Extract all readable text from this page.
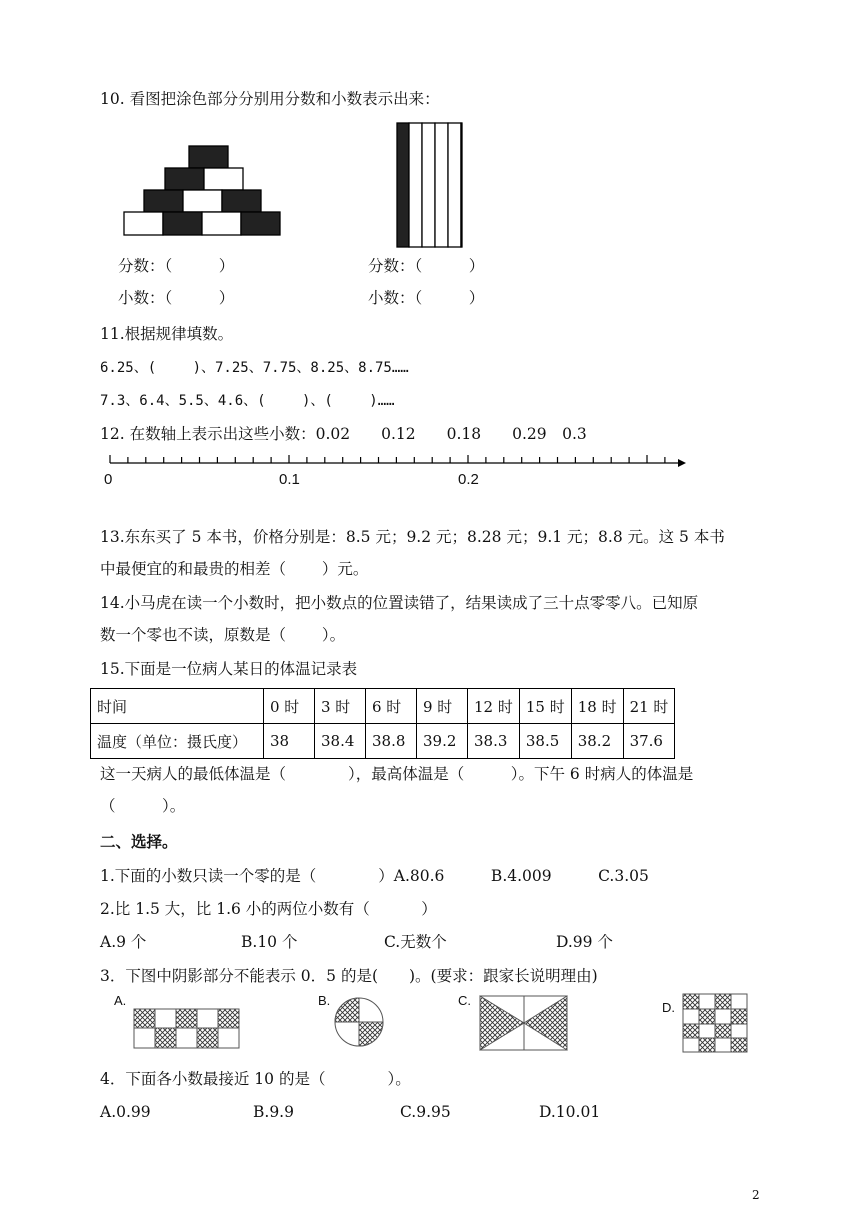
10. 看图把涂色部分分别用分数和小数表示出来：
分数：（　　　）
小数：（　　　）
分数：（　　　）
小数：（　　　）
11.根据规律填数。
6.25、(　　 )、7.25、7.75、8.25、8.75……
7.3、6.4、5.5、4.6、(　　 )、(　　 )……
12. 在数轴上表示出这些小数：0.02　　0.12　　0.18　　0.29　0.3
0	0.1	0.2
13.东东买了 5 本书，价格分别是：8.5 元；9.2 元；8.28 元；9.1 元；8.8 元。这 5 本书
中最便宜的和最贵的相差（　　 ）元。
14.小马虎在读一个小数时，把小数点的位置读错了，结果读成了三十点零零八。已知原
数一个零也不读，原数是（　　 ）。
15.下面是一位病人某日的体温记录表
时间	0 时	3 时	6 时	9 时	12 时	15 时	18 时	21 时
温度（单位：摄氏度）	38	38.4	38.8	39.2	38.3	38.5	38.2	37.6
这一天病人的最低体温是（　　　　），最高体温是（　　　）。下午 6 时病人的体温是
（　　　）。
二、选择。
1.下面的小数只读一个零的是（　　　　）A.80.6　　　B.4.009　　　C.3.05
2.比 1.5 大，比 1.6 小的两位小数有（　　　 ）
A.9 个	B.10 个	C.无数个	D.99 个
3．下图中阴影部分不能表示 0．5 的是(　　)。(要求：跟家长说明理由)
A.	B.	C.	D.
4．下面各小数最接近 10 的是（　　　　）。
A.0.99	B.9.9	C.9.95	D.10.01
2
